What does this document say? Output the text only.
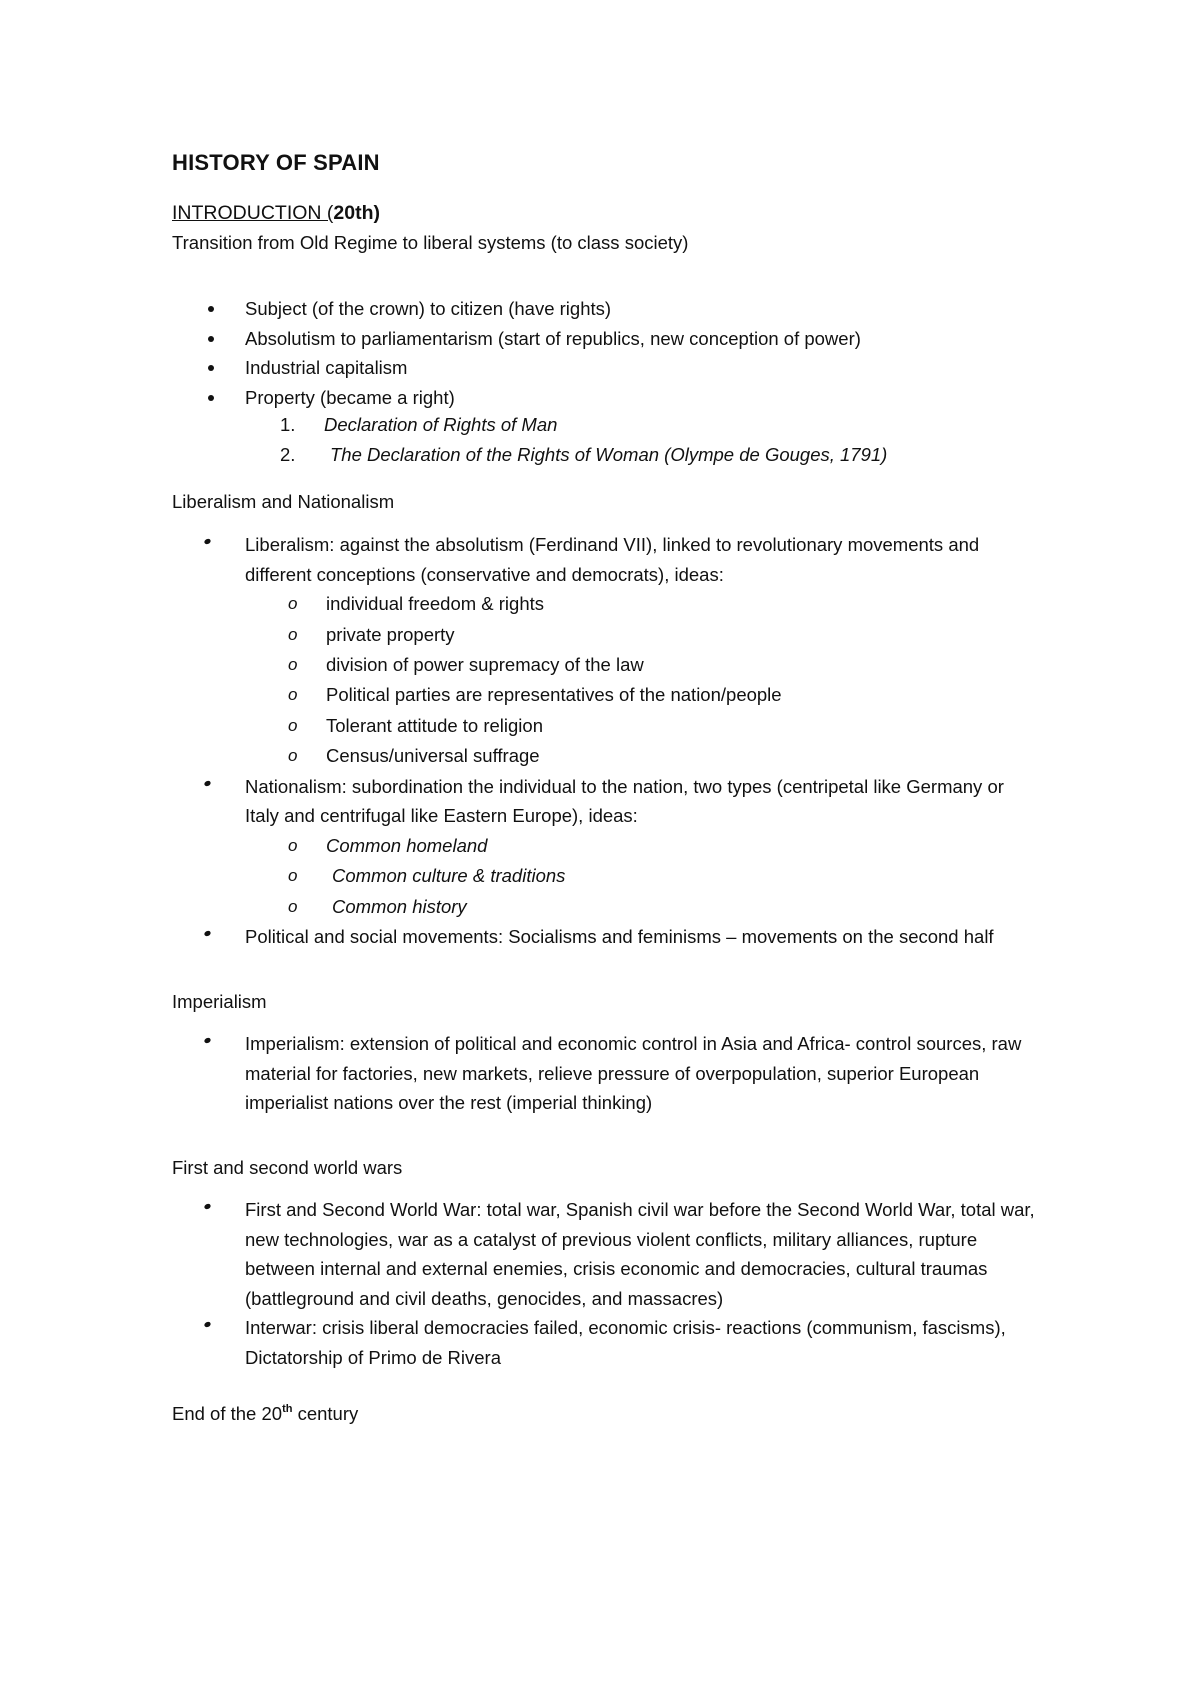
HISTORY OF SPAIN

INTRODUCTION (20th)

Transition from Old Regime to liberal systems (to class society)

Subject (of the crown) to citizen (have rights)
Absolutism to parliamentarism (start of republics, new conception of power)
Industrial capitalism
Property (became a right)
1. Declaration of Rights of Man
2. The Declaration of the Rights of Woman (Olympe de Gouges, 1791)

Liberalism and Nationalism

Liberalism: against the absolutism (Ferdinand VII), linked to revolutionary movements and different conceptions (conservative and democrats), ideas:
o individual freedom & rights
o private property
o division of power supremacy of the law
o Political parties are representatives of the nation/people
o Tolerant attitude to religion
o Census/universal suffrage
Nationalism: subordination the individual to the nation, two types (centripetal like Germany or Italy and centrifugal like Eastern Europe), ideas:
o Common homeland
o Common culture & traditions
o Common history
Political and social movements: Socialisms and feminisms – movements on the second half

Imperialism

Imperialism: extension of political and economic control in Asia and Africa- control sources, raw material for factories, new markets, relieve pressure of overpopulation, superior European imperialist nations over the rest (imperial thinking)

First and second world wars

First and Second World War: total war, Spanish civil war before the Second World War, total war, new technologies, war as a catalyst of previous violent conflicts, military alliances, rupture between internal and external enemies, crisis economic and democracies, cultural traumas (battleground and civil deaths, genocides, and massacres)
Interwar: crisis liberal democracies failed, economic crisis- reactions (communism, fascisms), Dictatorship of Primo de Rivera

End of the 20th century
